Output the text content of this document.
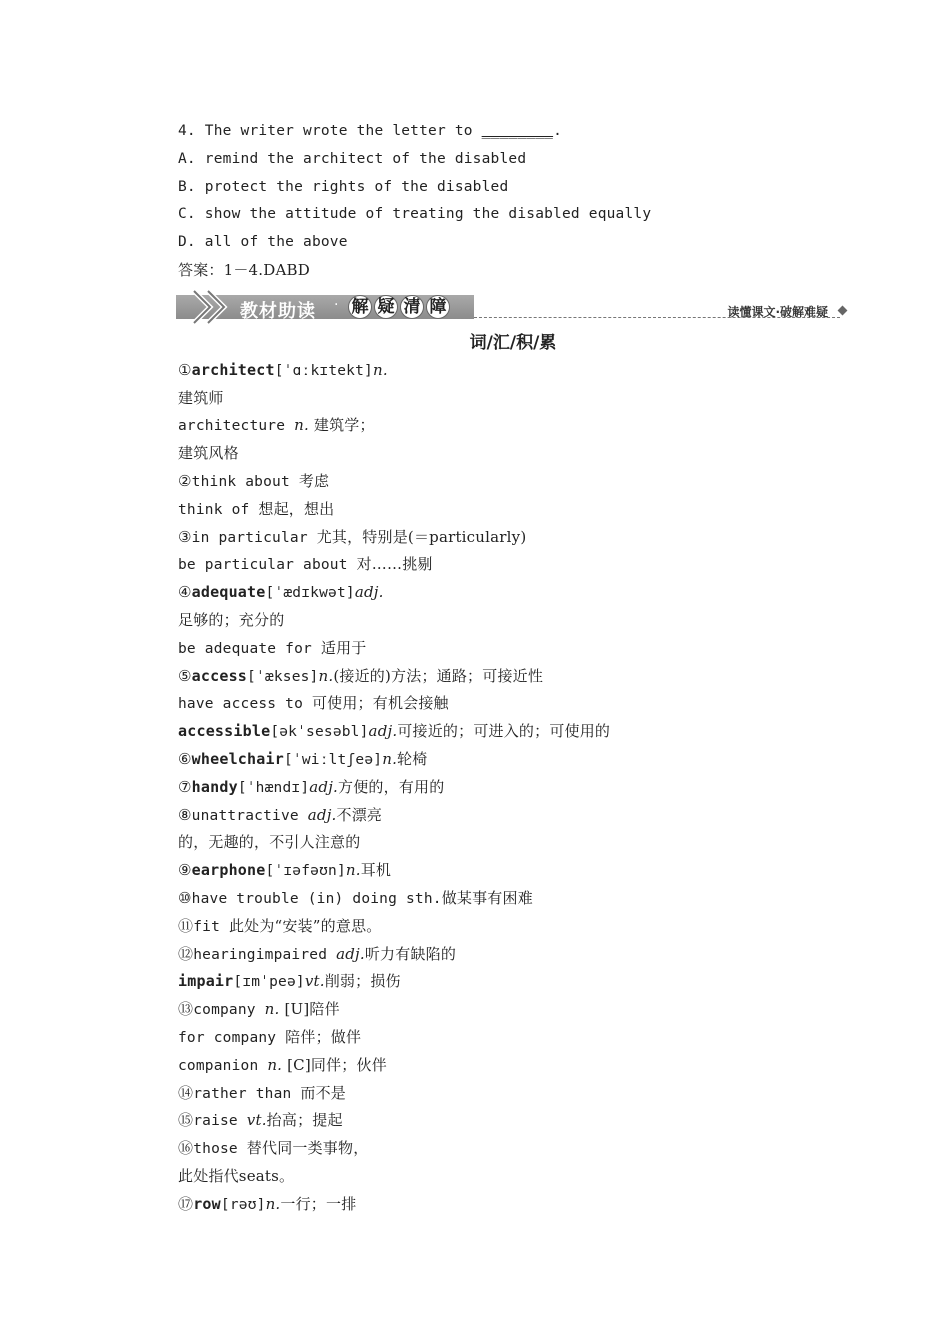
4. The writer wrote the letter to ________.
A. remind the architect of the disabled
B. protect the rights of the disabled
C. show the attitude of treating the disabled equally
D. all of the above
答案：1－4.DABD
教材助读 · 解 疑 清 障	读懂课文·破解难疑
词/汇/积/累
①architect[ˈɑːkɪtekt]n.
建筑师
architecture n. 建筑学；
建筑风格
②think about 考虑
think of 想起，想出
③in particular 尤其，特别是(＝particularly)
be particular about 对……挑剔
④adequate[ˈædɪkwət]adj.
足够的；充分的
be adequate for 适用于
⑤access[ˈækses]n.(接近的)方法；通路；可接近性
have access to 可使用；有机会接触
accessible[əkˈsesəbl]adj.可接近的；可进入的；可使用的
⑥wheelchair[ˈwiːltʃeə]n.轮椅
⑦handy[ˈhændɪ]adj.方便的，有用的
⑧unattractive adj.不漂亮
的，无趣的，不引人注意的
⑨earphone[ˈɪəfəʊn]n.耳机
⑩have trouble (in) doing sth.做某事有困难
⑪fit 此处为“安装”的意思。
⑫hearingimpaired adj.听力有缺陷的
impair[ɪmˈpeə]vt.削弱；损伤
⑬company n. [U]陪伴
for company 陪伴；做伴
companion n. [C]同伴；伙伴
⑭rather than 而不是
⑮raise vt.抬高；提起
⑯those 替代同一类事物，
此处指代seats。
⑰row[rəʊ]n.一行；一排
